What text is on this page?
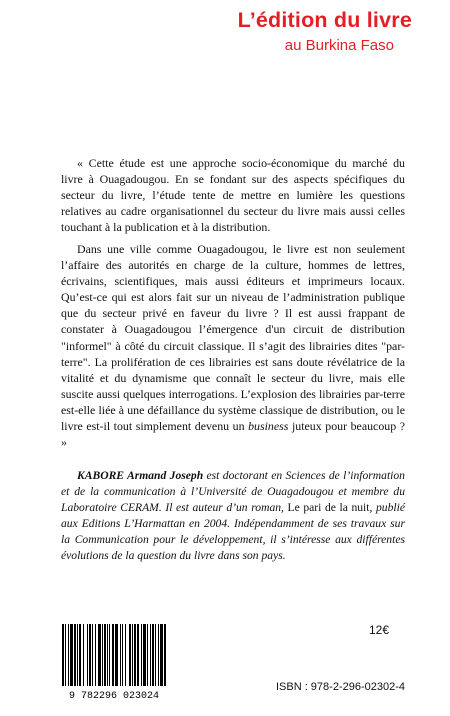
L’édition du livre
au Burkina Faso

« Cette étude est une approche socio-économique du marché du livre à Ouagadougou. En se fondant sur des aspects spécifiques du secteur du livre, l’étude tente de mettre en lumière les questions relatives au cadre organisationnel du secteur du livre mais aussi celles touchant à la publication et à la distribution.

Dans une ville comme Ouagadougou, le livre est non seulement l’affaire des autorités en charge de la culture, hommes de lettres, écrivains, scientifiques, mais aussi éditeurs et imprimeurs locaux. Qu’est-ce qui est alors fait sur un niveau de l’administration publique que du secteur privé en faveur du livre ? Il est aussi frappant de constater à Ouagadougou l’émergence d'un circuit de distribution "informel" à côté du circuit classique. Il s’agit des librairies dites "par-terre". La prolifération de ces librairies est sans doute révélatrice de la vitalité et du dynamisme que connaît le secteur du livre, mais elle suscite aussi quelques interrogations. L’explosion des librairies par-terre est-elle liée à une défaillance du système classique de distribution, ou le livre est-il tout simplement devenu un business juteux pour beaucoup ? »

KABORE Armand Joseph est doctorant en Sciences de l’information et de la communication à l’Université de Ouagadougou et membre du Laboratoire CERAM. Il est auteur d’un roman, Le pari de la nuit, publié aux Editions L’Harmattan en 2004. Indépendamment de ses travaux sur la Communication pour le développement, il s’intéresse aux différentes évolutions de la question du livre dans son pays.

9 782296 023024
12€
ISBN : 978-2-296-02302-4
